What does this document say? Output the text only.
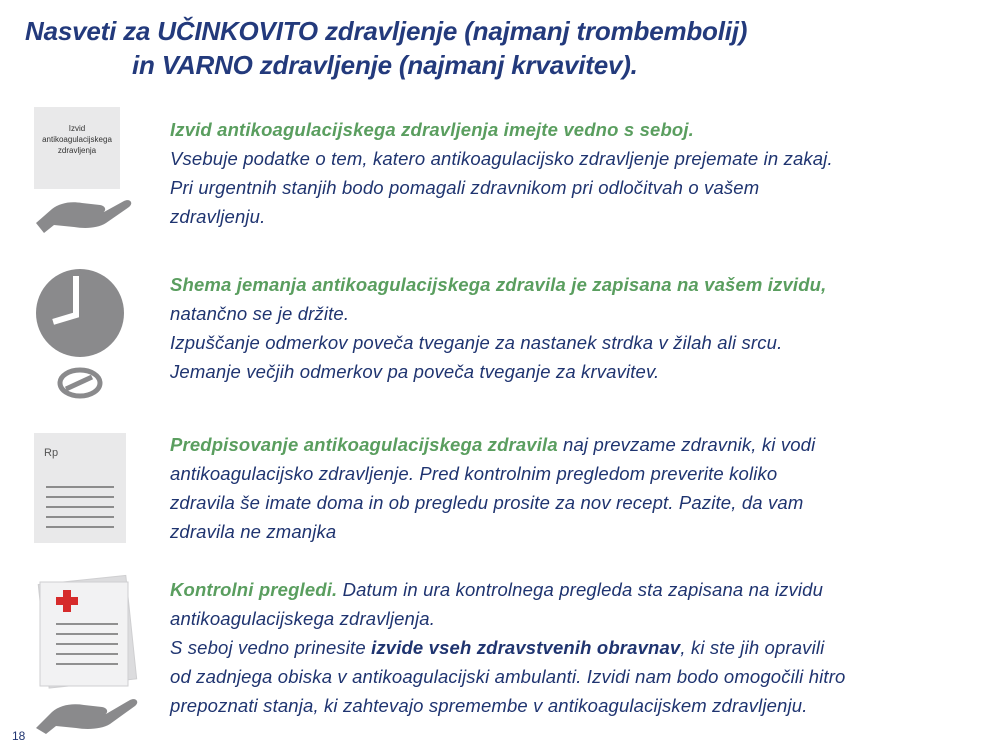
Nasveti za UČINKOVITO zdravljenje (najmanj trombembolij)
in VARNO zdravljenje (najmanj krvavitev).
Izvid
antikoagulacijskega
zdravljenja
Izvid antikoagulacijskega zdravljenja imejte vedno s seboj.
Vsebuje podatke o tem, katero antikoagulacijsko zdravljenje prejemate in zakaj.
Pri urgentnih stanjih bodo pomagali zdravnikom pri odločitvah o vašem
zdravljenju.
Shema jemanja antikoagulacijskega zdravila je zapisana na vašem izvidu,
natančno se je držite.
Izpuščanje odmerkov poveča tveganje za nastanek strdka v žilah ali srcu.
Jemanje večjih odmerkov pa poveča tveganje za krvavitev.
Rp	Predpisovanje antikoagulacijskega zdravila naj prevzame zdravnik, ki vodi
antikoagulacijsko zdravljenje. Pred kontrolnim pregledom preverite koliko
zdravila še imate doma in ob pregledu prosite za nov recept. Pazite, da vam
zdravila ne zmanjka
Kontrolni pregledi. Datum in ura kontrolnega pregleda sta zapisana na izvidu
antikoagulacijskega zdravljenja.
S seboj vedno prinesite izvide vseh zdravstvenih obravnav, ki ste jih opravili
od zadnjega obiska v antikoagulacijski ambulanti. Izvidi nam bodo omogočili hitro
prepoznati stanja, ki zahtevajo spremembe v antikoagulacijskem zdravljenju.
18
